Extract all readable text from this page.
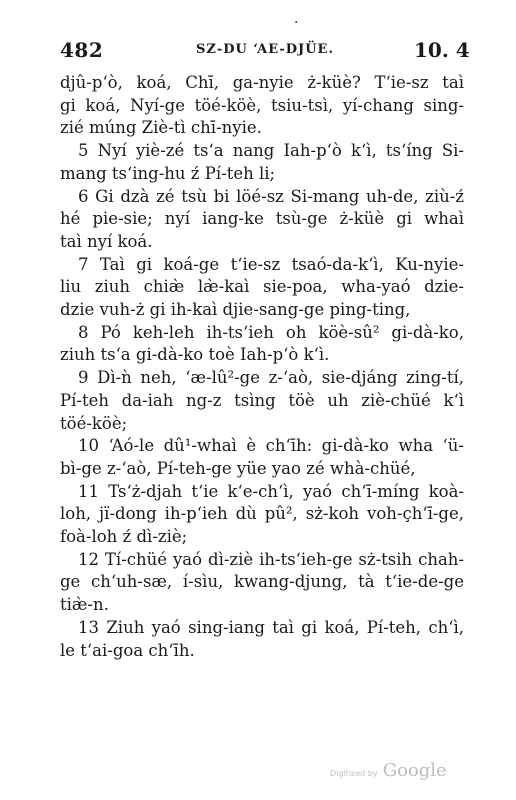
·
482	SZ-DU ʻAE-DJÜE.	10. 4
djû-p‘ò, koá, Chī, ga-nyie ż-küè? Tʻie-sz taì
gi koá, Nyí-ge töé-köè, tsiu-tsì, yí-chang sing-
zié múng Ziè-tì chī-nyie.
5 Nyí yiè-zé tsʻa nang Iah-p‘ò kʻì, tsʻíng Si-
mang tsʻing-hu ź Pí-teh li;
6 Gi dzà zé tsù bi löé-sz Si-mang uh-de, ziù-ź
hé pie-sie; nyí iang-ke tsù-ge ż-küè gi whaì
taì nyí koá.
7 Taì gi koá-ge tʻie-sz tsaó-da-kʻì, Ku-nyie-
liu ziuh chiæ̀ læ̀-kaì sie-poa, wha-yaó dzie-
dzie vuh-ż gi ih-kaì djie-sang-ge ping-ting,
8 Pó keh-leh ih-tsʻieh oh köè-sû² gi-dà-ko,
ziuh tsʻa gi-dà-ko toè Iah-p‘ò kʻì.
9 Dì-ǹ neh, ʻæ-lû²-ge z-ʻaò, sie-djáng zing-tí,
Pí-teh da-iah ng-z tsìng töè uh ziè-chüé kʻì
töé-köè;
10 ʻAó-le dû¹-whaì è chʻīh: gi-dà-ko wha ʻü-
bì-ge z-ʻaò, Pí-teh-ge yüe yao zé whà-chüé,
11 Tsʻż-djah tʻie kʻe-chʻì, yaó chʻī-míng koà-
loh, jï-dong ih-p‘ieh dù pû², sż-koh voh-çh‘ī-ge,
foà-loh ź dì-ziè;
12 Tí-chüé yaó dì-ziè ih-tsʻieh-ge sż-tsih chah-
ge chʻuh-sæ, í-sìu, kwang-djung, tà tʻie-de-ge
tiæ̀-n.
13 Ziuh yaó sing-iang taì gi koá, Pí-teh, chʻì,
le tʻai-goa chʻīh.
Digitized by Google
